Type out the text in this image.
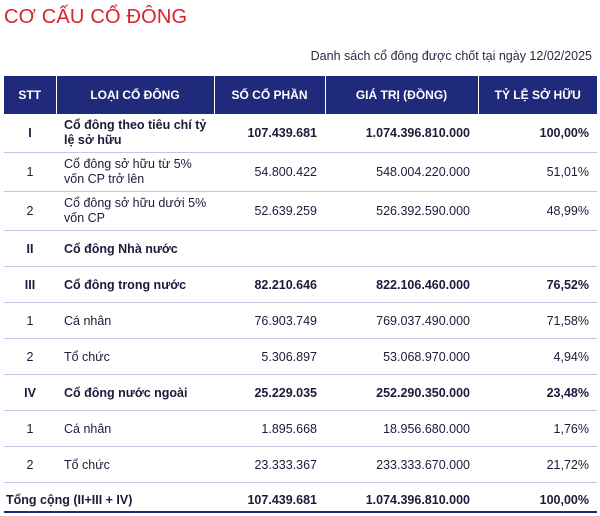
CƠ CẤU CỔ ĐÔNG
Danh sách cổ đông được chốt tại ngày 12/02/2025
STT	LOẠI CỔ ĐÔNG	SỐ CỔ PHẦN	GIÁ TRỊ (ĐỒNG)	TỶ LỆ SỞ HỮU
I	Cổ đông theo tiêu chí tỷ lệ sở hữu	107.439.681	1.074.396.810.000	100,00%
1	Cổ đông sở hữu từ 5% vốn CP trở lên	54.800.422	548.004.220.000	51,01%
2	Cổ đông sở hữu dưới 5% vốn CP	52.639.259	526.392.590.000	48,99%
II	Cổ đông Nhà nước			
III	Cổ đông trong nước	82.210.646	822.106.460.000	76,52%
1	Cá nhân	76.903.749	769.037.490.000	71,58%
2	Tổ chức	5.306.897	53.068.970.000	4,94%
IV	Cổ đông nước ngoài	25.229.035	252.290.350.000	23,48%
1	Cá nhân	1.895.668	18.956.680.000	1,76%
2	Tổ chức	23.333.367	233.333.670.000	21,72%
Tổng cộng (II+III + IV)		107.439.681	1.074.396.810.000	100,00%
